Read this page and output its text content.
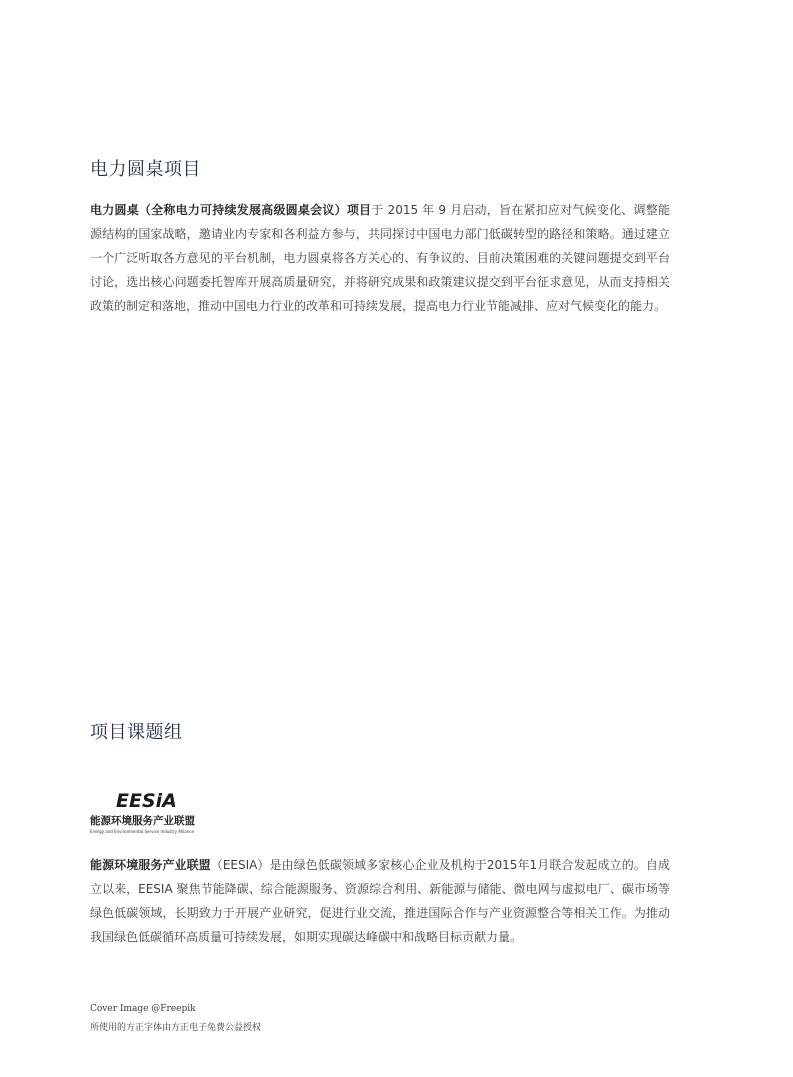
电力圆桌项目

电力圆桌（全称电力可持续发展高级圆桌会议）项目于 2015 年 9 月启动，旨在紧扣应对气候变化、调整能源结构的国家战略，邀请业内专家和各利益方参与，共同探讨中国电力部门低碳转型的路径和策略。通过建立一个广泛听取各方意见的平台机制，电力圆桌将各方关心的、有争议的、目前决策困难的关键问题提交到平台讨论，选出核心问题委托智库开展高质量研究，并将研究成果和政策建议提交到平台征求意见，从而支持相关政策的制定和落地，推动中国电力行业的改革和可持续发展，提高电力行业节能减排、应对气候变化的能力。

项目课题组
EESiA
能源环境服务产业联盟
Energy and Environmental Service Industry Alliance

能源环境服务产业联盟（EESIA）是由绿色低碳领域多家核心企业及机构于2015年1月联合发起成立的。自成立以来，EESIA 聚焦节能降碳、综合能源服务、资源综合利用、新能源与储能、微电网与虚拟电厂、碳市场等绿色低碳领域，长期致力于开展产业研究，促进行业交流，推进国际合作与产业资源整合等相关工作。为推动我国绿色低碳循环高质量可持续发展，如期实现碳达峰碳中和战略目标贡献力量。

Cover Image @Freepik

所使用的方正字体由方正电子免费公益授权
